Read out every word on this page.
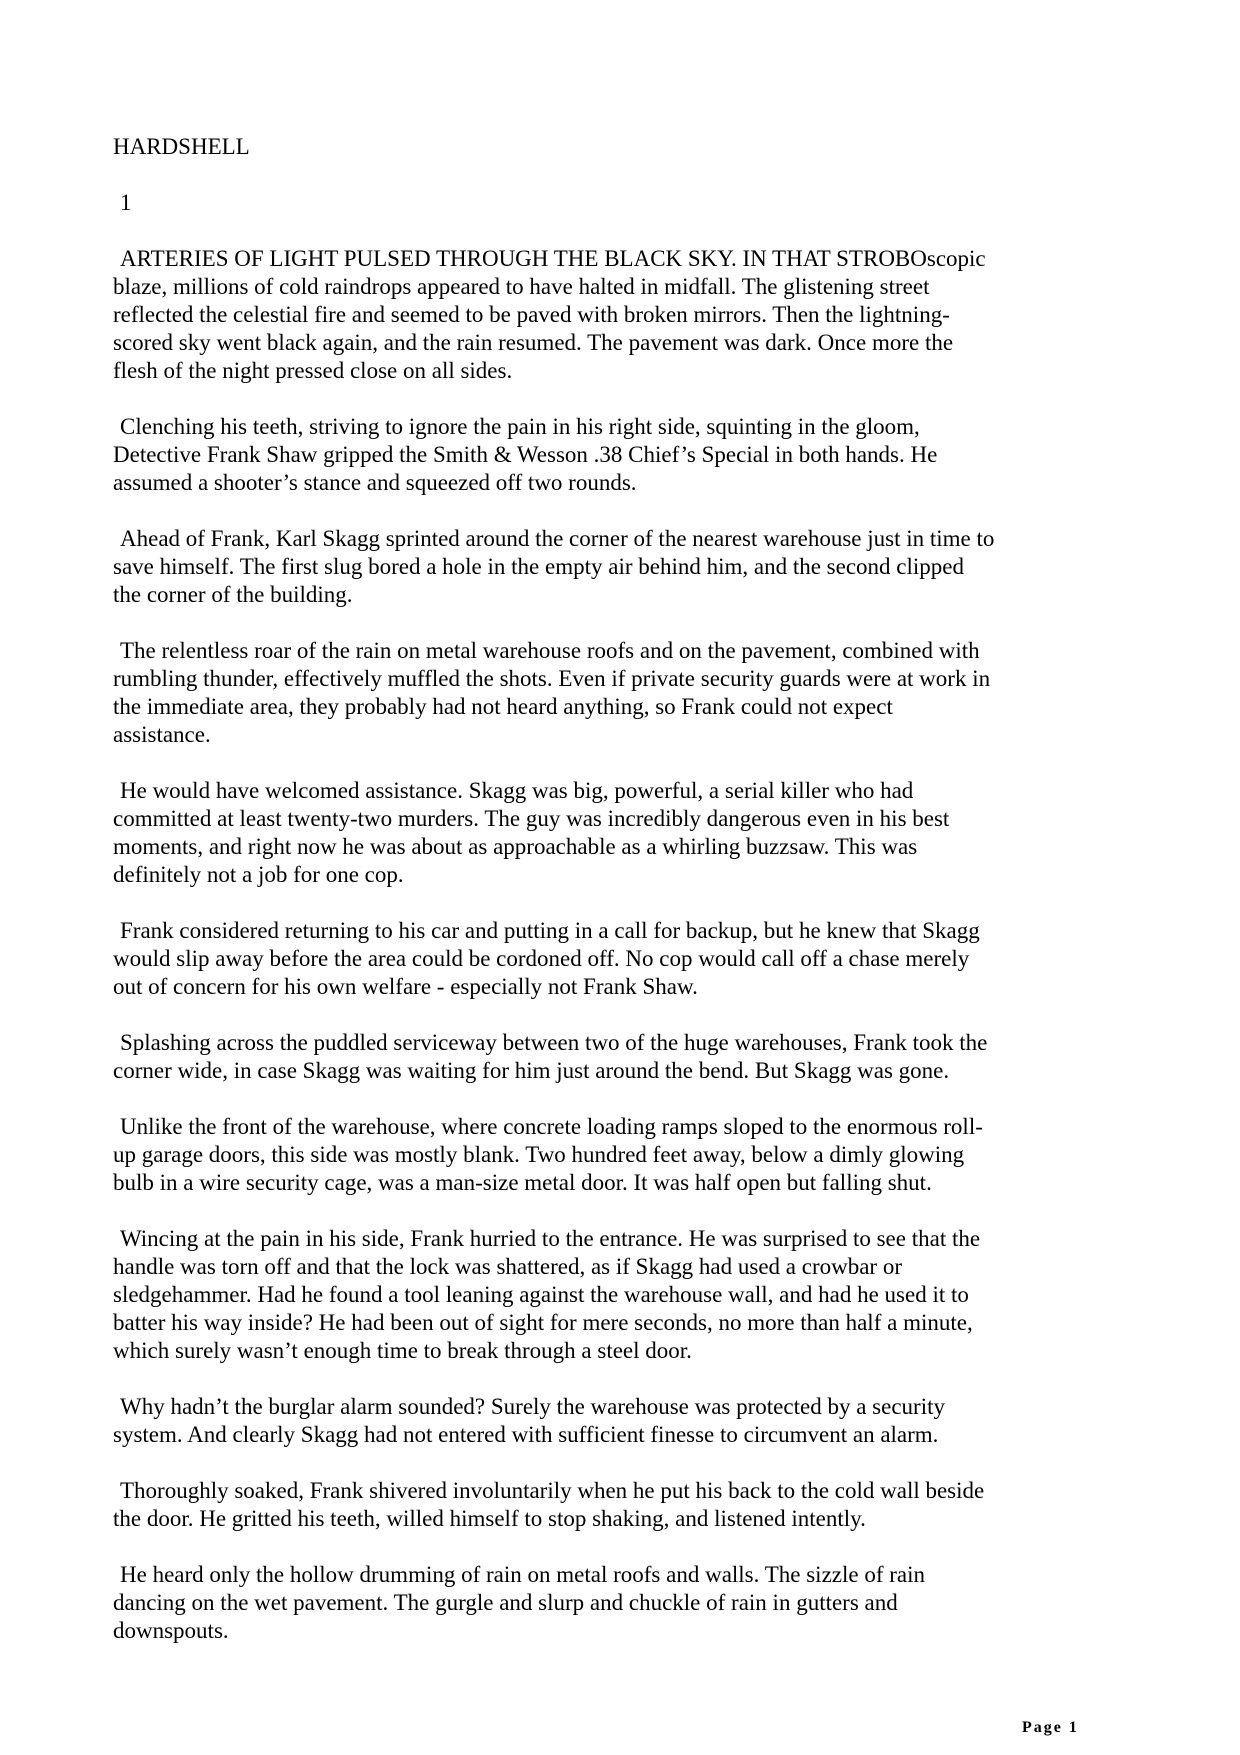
HARDSHELL
1

ARTERIES OF LIGHT PULSED THROUGH THE BLACK SKY. IN THAT STROBOscopic blaze, millions of cold raindrops appeared to have halted in midfall. The glistening street reflected the celestial fire and seemed to be paved with broken mirrors. Then the lightning-scored sky went black again, and the rain resumed. The pavement was dark. Once more the flesh of the night pressed close on all sides.

Clenching his teeth, striving to ignore the pain in his right side, squinting in the gloom, Detective Frank Shaw gripped the Smith & Wesson .38 Chief’s Special in both hands. He assumed a shooter’s stance and squeezed off two rounds.

Ahead of Frank, Karl Skagg sprinted around the corner of the nearest warehouse just in time to save himself. The first slug bored a hole in the empty air behind him, and the second clipped the corner of the building.

The relentless roar of the rain on metal warehouse roofs and on the pavement, combined with rumbling thunder, effectively muffled the shots. Even if private security guards were at work in the immediate area, they probably had not heard anything, so Frank could not expect assistance.

He would have welcomed assistance. Skagg was big, powerful, a serial killer who had committed at least twenty-two murders. The guy was incredibly dangerous even in his best moments, and right now he was about as approachable as a whirling buzzsaw. This was definitely not a job for one cop.

Frank considered returning to his car and putting in a call for backup, but he knew that Skagg would slip away before the area could be cordoned off. No cop would call off a chase merely out of concern for his own welfare - especially not Frank Shaw.

Splashing across the puddled serviceway between two of the huge warehouses, Frank took the corner wide, in case Skagg was waiting for him just around the bend. But Skagg was gone.

Unlike the front of the warehouse, where concrete loading ramps sloped to the enormous roll-up garage doors, this side was mostly blank. Two hundred feet away, below a dimly glowing bulb in a wire security cage, was a man-size metal door. It was half open but falling shut.

Wincing at the pain in his side, Frank hurried to the entrance. He was surprised to see that the handle was torn off and that the lock was shattered, as if Skagg had used a crowbar or sledgehammer. Had he found a tool leaning against the warehouse wall, and had he used it to batter his way inside? He had been out of sight for mere seconds, no more than half a minute, which surely wasn’t enough time to break through a steel door.

Why hadn’t the burglar alarm sounded? Surely the warehouse was protected by a security system. And clearly Skagg had not entered with sufficient finesse to circumvent an alarm.

Thoroughly soaked, Frank shivered involuntarily when he put his back to the cold wall beside the door. He gritted his teeth, willed himself to stop shaking, and listened intently.

He heard only the hollow drumming of rain on metal roofs and walls. The sizzle of rain dancing on the wet pavement. The gurgle and slurp and chuckle of rain in gutters and downspouts.

Page 1
